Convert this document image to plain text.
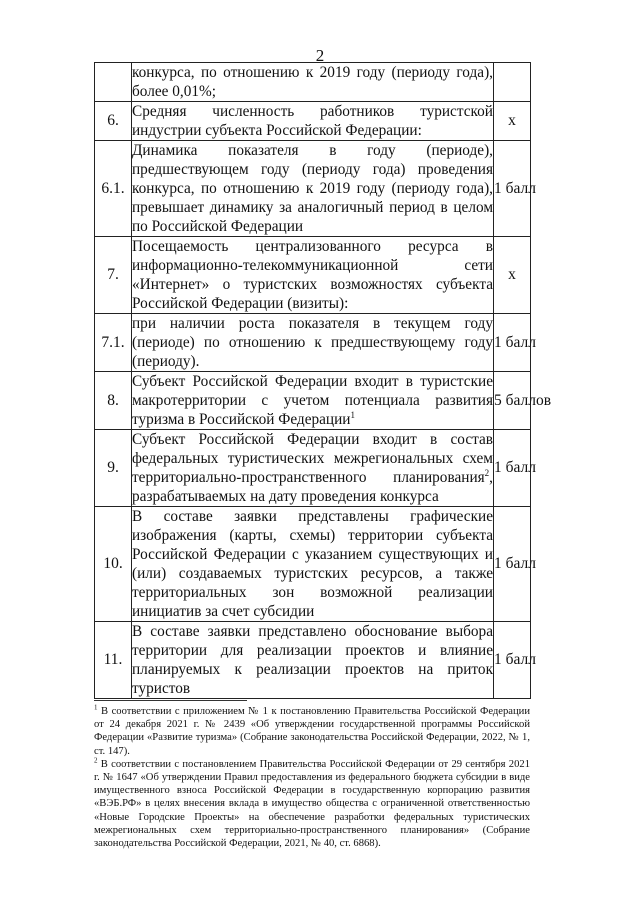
2
	конкурса, по отношению к 2019 году (периоду года), более 0,01%;	
6.	Средняя численность работников туристской индустрии субъекта Российской Федерации:	х
6.1.	Динамика показателя в году (периоде), предшествующем году (периоду года) проведения конкурса, по отношению к 2019 году (периоду года), превышает динамику за аналогичный период в целом по Российской Федерации	1 балл
7.	Посещаемость централизованного ресурса в информационно-телекоммуникационной сети «Интернет» о туристских возможностях субъекта Российской Федерации (визиты):	х
7.1.	при наличии роста показателя в текущем году (периоде) по отношению к предшествующему году (периоду).	1 балл
8.	Субъект Российской Федерации входит в туристские макротерритории с учетом потенциала развития туризма в Российской Федерации$^1$	5 баллов
9.	Субъект Российской Федерации входит в состав федеральных туристических межрегиональных схем территориально-пространственного планирования$^2$, разрабатываемых на дату проведения конкурса	1 балл
10.	В составе заявки представлены графические изображения (карты, схемы) территории субъекта Российской Федерации с указанием существующих и (или) создаваемых туристских ресурсов, а также территориальных зон возможной реализации инициатив за счет субсидии	1 балл
11.	В составе заявки представлено обоснование выбора территории для реализации проектов и влияние планируемых к реализации проектов на приток туристов	1 балл

$^1$ В соответствии с приложением № 1 к постановлению Правительства Российской Федерации от 24 декабря 2021 г. № 2439 «Об утверждении государственной программы Российской Федерации «Развитие туризма» (Собрание законодательства Российской Федерации, 2022, № 1, ст. 147).

$^2$ В соответствии с постановлением Правительства Российской Федерации от 29 сентября 2021 г. № 1647 «Об утверждении Правил предоставления из федерального бюджета субсидии в виде имущественного взноса Российской Федерации в государственную корпорацию развития «ВЭБ.РФ» в целях внесения вклада в имущество общества с ограниченной ответственностью «Новые Городские Проекты» на обеспечение разработки федеральных туристических межрегиональных схем территориально-пространственного планирования» (Собрание законодательства Российской Федерации, 2021, № 40, ст. 6868).
